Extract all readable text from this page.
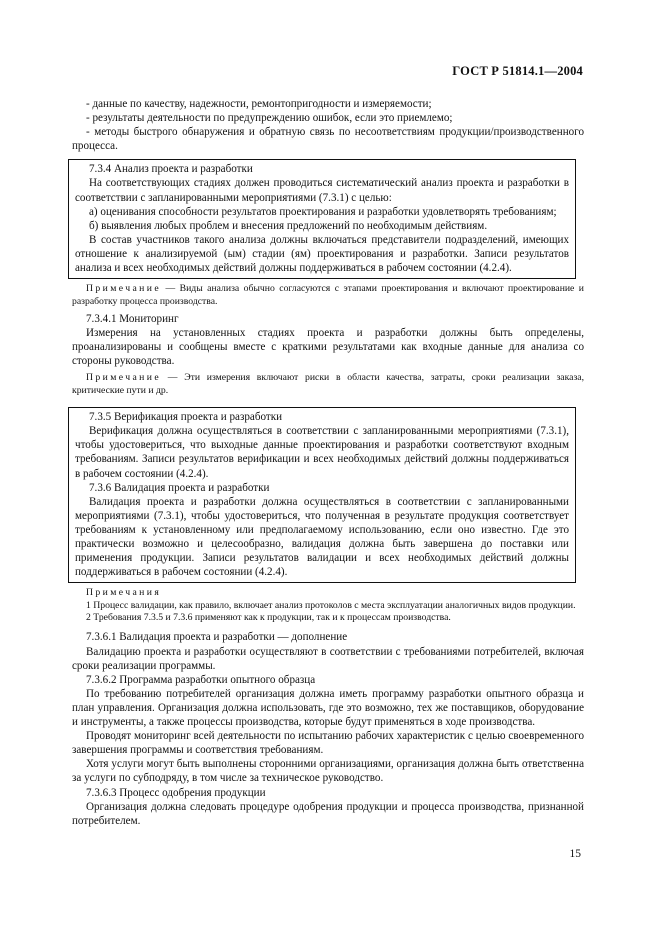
ГОСТ Р 51814.1—2004

- данные по качеству, надежности, ремонтопригодности и измеряемости;

- результаты деятельности по предупреждению ошибок, если это приемлемо;

- методы быстрого обнаружения и обратную связь по несоответствиям продукции/производственного процесса.

7.3.4 Анализ проекта и разработки

На соответствующих стадиях должен проводиться систематический анализ проекта и разработки в соответствии с запланированными мероприятиями (7.3.1) с целью:

а) оценивания способности результатов проектирования и разработки удовлетворять требованиям;

б) выявления любых проблем и внесения предложений по необходимым действиям.

В состав участников такого анализа должны включаться представители подразделений, имеющих отношение к анализируемой (ым) стадии (ям) проектирования и разработки. Записи результатов анализа и всех необходимых действий должны поддерживаться в рабочем состоянии (4.2.4).

Примечание — Виды анализа обычно согласуются с этапами проектирования и включают проектирование и разработку процесса производства.

7.3.4.1 Мониторинг

Измерения на установленных стадиях проекта и разработки должны быть определены, проанализированы и сообщены вместе с краткими результатами как входные данные для анализа со стороны руководства.

Примечание — Эти измерения включают риски в области качества, затраты, сроки реализации заказа, критические пути и др.

7.3.5 Верификация проекта и разработки

Верификация должна осуществляться в соответствии с запланированными мероприятиями (7.3.1), чтобы удостовериться, что выходные данные проектирования и разработки соответствуют входным требованиям. Записи результатов верификации и всех необходимых действий должны поддерживаться в рабочем состоянии (4.2.4).

7.3.6 Валидация проекта и разработки

Валидация проекта и разработки должна осуществляться в соответствии с запланированными мероприятиями (7.3.1), чтобы удостовериться, что полученная в результате продукция соответствует требованиям к установленному или предполагаемому использованию, если оно известно. Где это практически возможно и целесообразно, валидация должна быть завершена до поставки или применения продукции. Записи результатов валидации и всех необходимых действий должны поддерживаться в рабочем состоянии (4.2.4).

Примечания

1 Процесс валидации, как правило, включает анализ протоколов с места эксплуатации аналогичных видов продукции.

2 Требования 7.3.5 и 7.3.6 применяют как к продукции, так и к процессам производства.

7.3.6.1 Валидация проекта и разработки — дополнение

Валидацию проекта и разработки осуществляют в соответствии с требованиями потребителей, включая сроки реализации программы.

7.3.6.2 Программа разработки опытного образца

По требованию потребителей организация должна иметь программу разработки опытного образца и план управления. Организация должна использовать, где это возможно, тех же поставщиков, оборудование и инструменты, а также процессы производства, которые будут применяться в ходе производства.

Проводят мониторинг всей деятельности по испытанию рабочих характеристик с целью своевременного завершения программы и соответствия требованиям.

Хотя услуги могут быть выполнены сторонними организациями, организация должна быть ответственна за услуги по субподряду, в том числе за техническое руководство.

7.3.6.3 Процесс одобрения продукции

Организация должна следовать процедуре одобрения продукции и процесса производства, признанной потребителем.

15
